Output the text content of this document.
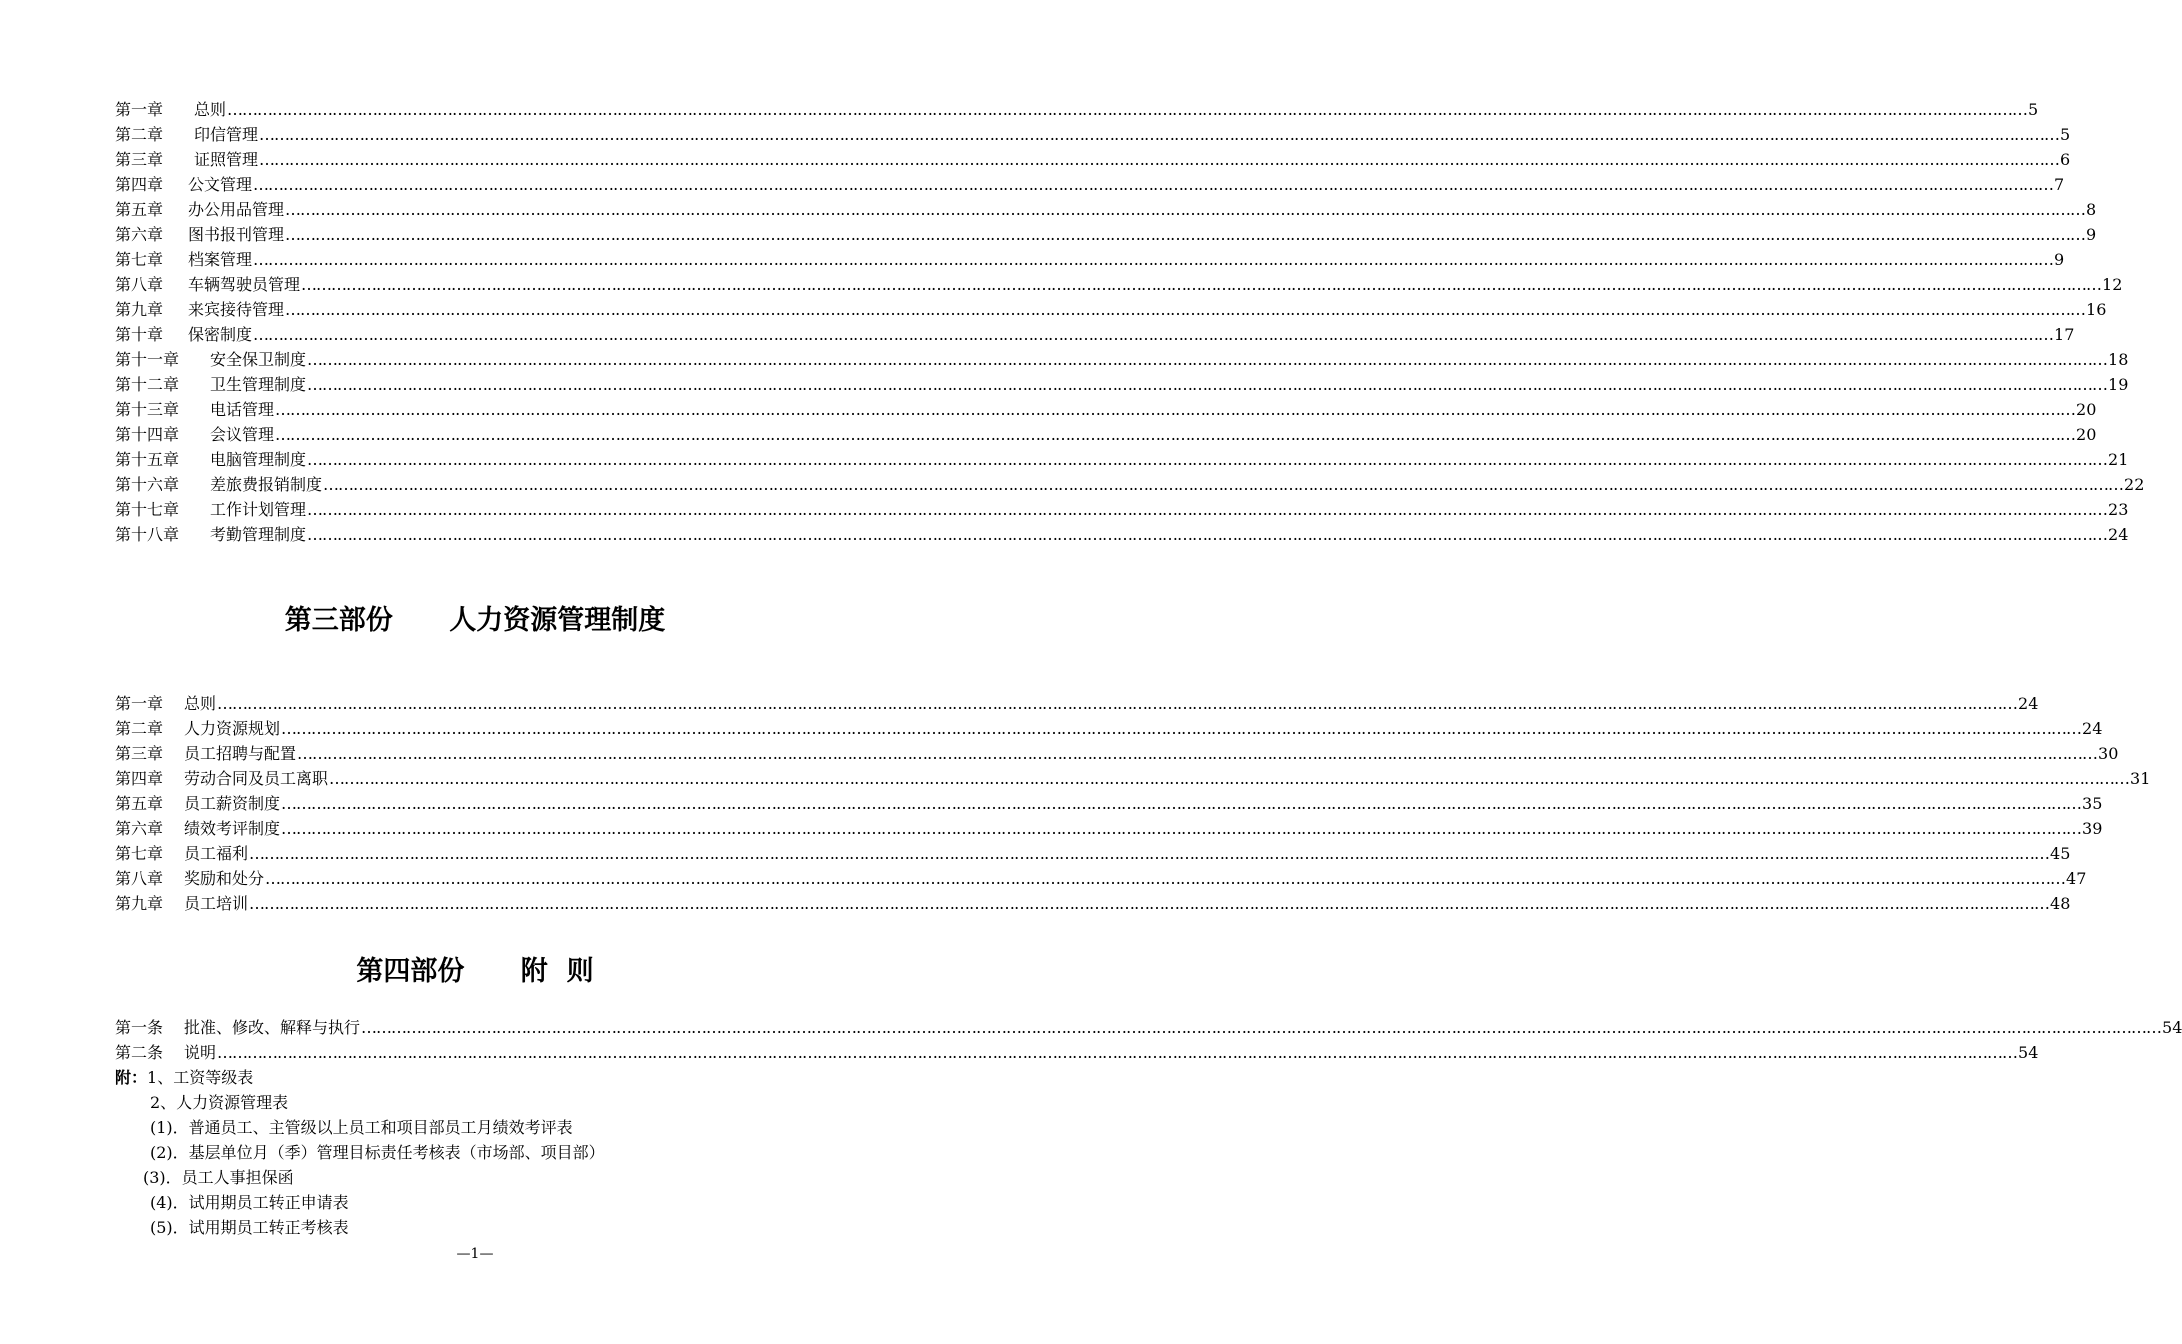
第一章 总则 ……………………………………………………………………………………………………………………………………………………………………………………………………………………………………………………………………………………………………………………………… 5
第二章 印信管理 ……………………………………………………………………………………………………………………………………………………………………………………………………………………………………………………………………………………………………………………………… 5
第三章 证照管理 ……………………………………………………………………………………………………………………………………………………………………………………………………………………………………………………………………………………………………………………………… 6
第四章 公文管理 ……………………………………………………………………………………………………………………………………………………………………………………………………………………………………………………………………………………………………………………………… 7
第五章 办公用品管理 ……………………………………………………………………………………………………………………………………………………………………………………………………………………………………………………………………………………………………………………………… 8
第六章 图书报刊管理 ……………………………………………………………………………………………………………………………………………………………………………………………………………………………………………………………………………………………………………………………… 9
第七章 档案管理 ……………………………………………………………………………………………………………………………………………………………………………………………………………………………………………………………………………………………………………………………… 9
第八章 车辆驾驶员管理 ……………………………………………………………………………………………………………………………………………………………………………………………………………………………………………………………………………………………………………………………… 12
第九章 来宾接待管理 ……………………………………………………………………………………………………………………………………………………………………………………………………………………………………………………………………………………………………………………………… 16
第十章 保密制度 ……………………………………………………………………………………………………………………………………………………………………………………………………………………………………………………………………………………………………………………………… 17
第十一章 安全保卫制度 ……………………………………………………………………………………………………………………………………………………………………………………………………………………………………………………………………………………………………………………………… 18
第十二章 卫生管理制度 ……………………………………………………………………………………………………………………………………………………………………………………………………………………………………………………………………………………………………………………………… 19
第十三章 电话管理 ……………………………………………………………………………………………………………………………………………………………………………………………………………………………………………………………………………………………………………………………… 20
第十四章 会议管理 ……………………………………………………………………………………………………………………………………………………………………………………………………………………………………………………………………………………………………………………………… 20
第十五章 电脑管理制度 ……………………………………………………………………………………………………………………………………………………………………………………………………………………………………………………………………………………………………………………………… 21
第十六章 差旅费报销制度 ……………………………………………………………………………………………………………………………………………………………………………………………………………………………………………………………………………………………………………………………… 22
第十七章 工作计划管理 ……………………………………………………………………………………………………………………………………………………………………………………………………………………………………………………………………………………………………………………………… 23
第十八章 考勤管理制度 ……………………………………………………………………………………………………………………………………………………………………………………………………………………………………………………………………………………………………………………………… 24
第三部份      人力资源管理制度
第一章 总则 ……………………………………………………………………………………………………………………………………………………………………………………………………………………………………………………………………………………………………………………………… 24
第二章 人力资源规划 ……………………………………………………………………………………………………………………………………………………………………………………………………………………………………………………………………………………………………………………………… 24
第三章 员工招聘与配置 ……………………………………………………………………………………………………………………………………………………………………………………………………………………………………………………………………………………………………………………………… 30
第四章 劳动合同及员工离职 ……………………………………………………………………………………………………………………………………………………………………………………………………………………………………………………………………………………………………………………………… 31
第五章 员工薪资制度 ……………………………………………………………………………………………………………………………………………………………………………………………………………………………………………………………………………………………………………………………… 35
第六章 绩效考评制度 ……………………………………………………………………………………………………………………………………………………………………………………………………………………………………………………………………………………………………………………………… 39
第七章 员工福利 ……………………………………………………………………………………………………………………………………………………………………………………………………………………………………………………………………………………………………………………………… 45
第八章 奖励和处分 ……………………………………………………………………………………………………………………………………………………………………………………………………………………………………………………………………………………………………………………………… 47
第九章 员工培训 ……………………………………………………………………………………………………………………………………………………………………………………………………………………………………………………………………………………………………………………………… 48
第四部份      附  则
第一条 批准、修改、解释与执行 ……………………………………………………………………………………………………………………………………………………………………………………………………………………………………………………………………………………………………………………………… 54
第二条 说明 ……………………………………………………………………………………………………………………………………………………………………………………………………………………………………………………………………………………………………………………………… 54
附：1、工资等级表
2、人力资源管理表
(1)．普通员工、主管级以上员工和项目部员工月绩效考评表
(2)．基层单位月（季）管理目标责任考核表（市场部、项目部）
(3)．员工人事担保函
(4)．试用期员工转正申请表
(5)．试用期员工转正考核表
—1—
